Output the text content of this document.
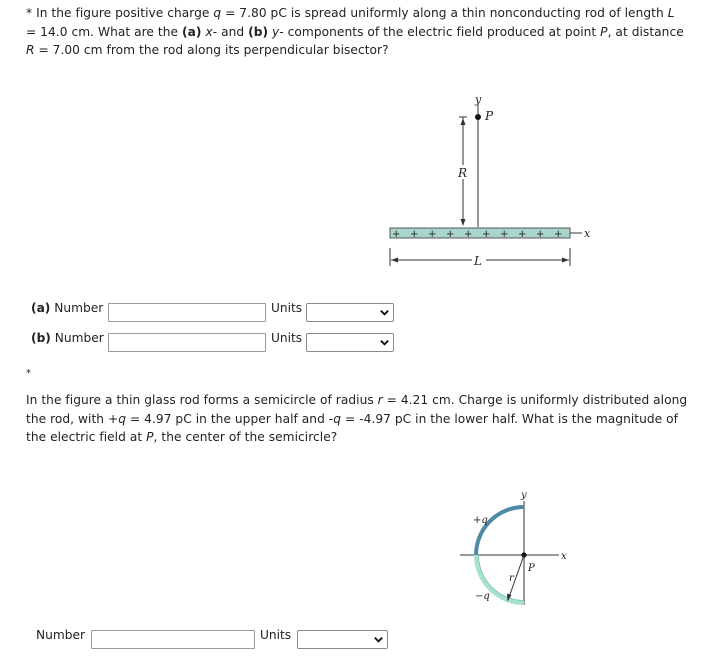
* In the figure positive charge q = 7.80 pC is spread uniformly along a thin nonconducting rod of length L
= 14.0 cm. What are the (a) x- and (b) y- components of the electric field produced at point P, at distance
R = 7.00 cm from the rod along its perpendicular bisector?
y
P
R
+ + + + + + + + + + x
L
(a) Number	Units
(b) Number	Units
*
In the figure a thin glass rod forms a semicircle of radius r = 4.21 cm. Charge is uniformly distributed along
the rod, with +q = 4.97 pC in the upper half and -q = -4.97 pC in the lower half. What is the magnitude of
the electric field at P, the center of the semicircle?
y
x
+q
−q
P
r
Number	Units
